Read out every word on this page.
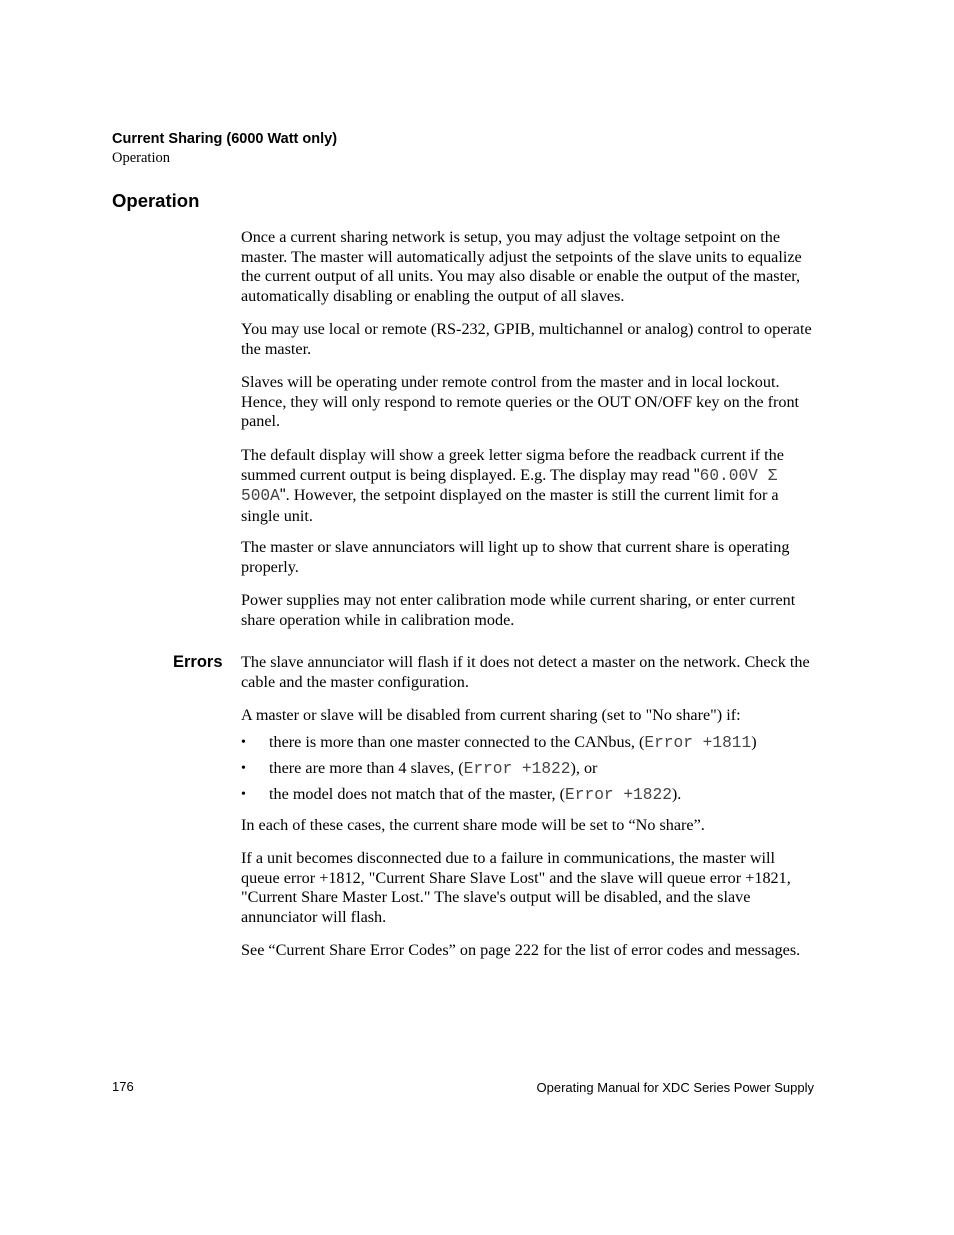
Current Sharing (6000 Watt only)
Operation
Operation

Once a current sharing network is setup, you may adjust the voltage setpoint on the master. The master will automatically adjust the setpoints of the slave units to equalize the current output of all units. You may also disable or enable the output of the master, automatically disabling or enabling the output of all slaves.

You may use local or remote (RS-232, GPIB, multichannel or analog) control to operate the master.

Slaves will be operating under remote control from the master and in local lockout. Hence, they will only respond to remote queries or the OUT ON/OFF key on the front panel.

The default display will show a greek letter sigma before the readback current if the summed current output is being displayed. E.g. The display may read "60.00V Σ 500A". However, the setpoint displayed on the master is still the current limit for a single unit.

The master or slave annunciators will light up to show that current share is operating properly.

Power supplies may not enter calibration mode while current sharing, or enter current share operation while in calibration mode.

Errors The slave annunciator will flash if it does not detect a master on the network. Check the cable and the master configuration.

A master or slave will be disabled from current sharing (set to "No share") if:

• there is more than one master connected to the CANbus, (Error +1811)
• there are more than 4 slaves, (Error +1822), or
• the model does not match that of the master, (Error +1822).

In each of these cases, the current share mode will be set to “No share”.

If a unit becomes disconnected due to a failure in communications, the master will queue error +1812, "Current Share Slave Lost" and the slave will queue error +1821, "Current Share Master Lost." The slave's output will be disabled, and the slave annunciator will flash.

See “Current Share Error Codes” on page 222 for the list of error codes and messages.

176	Operating Manual for XDC Series Power Supply
